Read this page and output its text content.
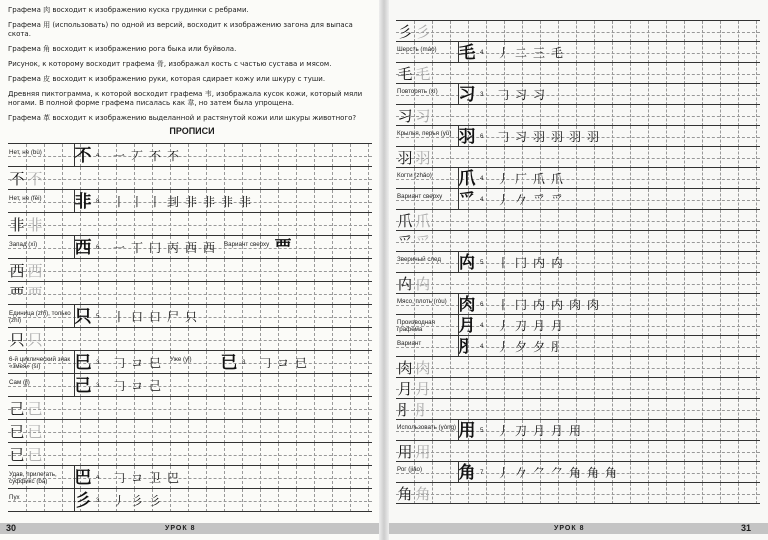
Графема 肉 восходит к изображению куска грудинки с ребрами.

Графема 用 (использовать) по одной из версий, восходит к изображению загона для выпаса скота.

Графема 角 восходит к изображению рога быка или буйвола.

Рисунок, к которому восходит графема 骨, изображал кость с частью сустава и мясом.

Графема 皮 восходит к изображению руки, которая сдирает кожу или шкуру с туши.

Древняя пиктограмма, к которой восходит графема 韦, изображала кусок кожи, который мяли ногами. В полной форме графема писалась как 韋, но затем была упрощена.

Графема 革 восходит к изображению выделанной и растянутой кожи или шкуры животного?

ПРОПИСИ
Нет, не (bù)	不 4 一 丆 不 不
不 不
Нет, не (fēi)	非 8 丨 丨 丨 刲 非 非 非 非
非 非
Запад (xī)	西 6 一 丅 冂 丙 西 西	Вариант сверху 覀
西 西
覀 覀
Единица (zhī), только (zhǐ)	只 5 丨 口 口 尸 只
只 只
6-й циклический знак «змея» (sì)	巳 3 𠃌 コ 巳	Уже (yǐ)	已 3 𠃌 コ 已
Сам (jǐ)	己 3 𠃌 コ 己
己 己
已 已
已 已
Удав, прилегать, суффикс (bā)	巴 4 𠃌 コ 卫 巴
Пух	彡 3 丿 彡 彡
彡 彡
Шерсть (máo)	毛 4 丿 二 三 毛
毛 毛
Повторять (xí)	习 3 𠃌 习 习
习 习
Крылья, перья (yǔ) 羽 6 𠃌 习 羽 羽 羽 羽
羽 羽
Когти (zhǎo)	爪 4 丿 厂 爪 爪
Вариант сверху 爫 4 丿 𠂊 爫 爫
爪 爪
爫 爫
Звериный след	禸 5 丨 冂 内 禸
禸 禸
Мясо, плоть (ròu) 肉 6 丨 冂 内 内 肉 肉
Производная графема	月 4 丿 刀 月 月
Вариант	⺼ 4 丿 夕 夕 ⺼
肉 肉
月 月
⺼ ⺼
Использовать (yòng) 用 5 丿 刀 月 月 用
用 用
Рог (jiǎo)	角 7 丿 𠂊 ⺈ ⺈ 角 角 角
角 角
30	УРОК 8	УРОК 8	31
